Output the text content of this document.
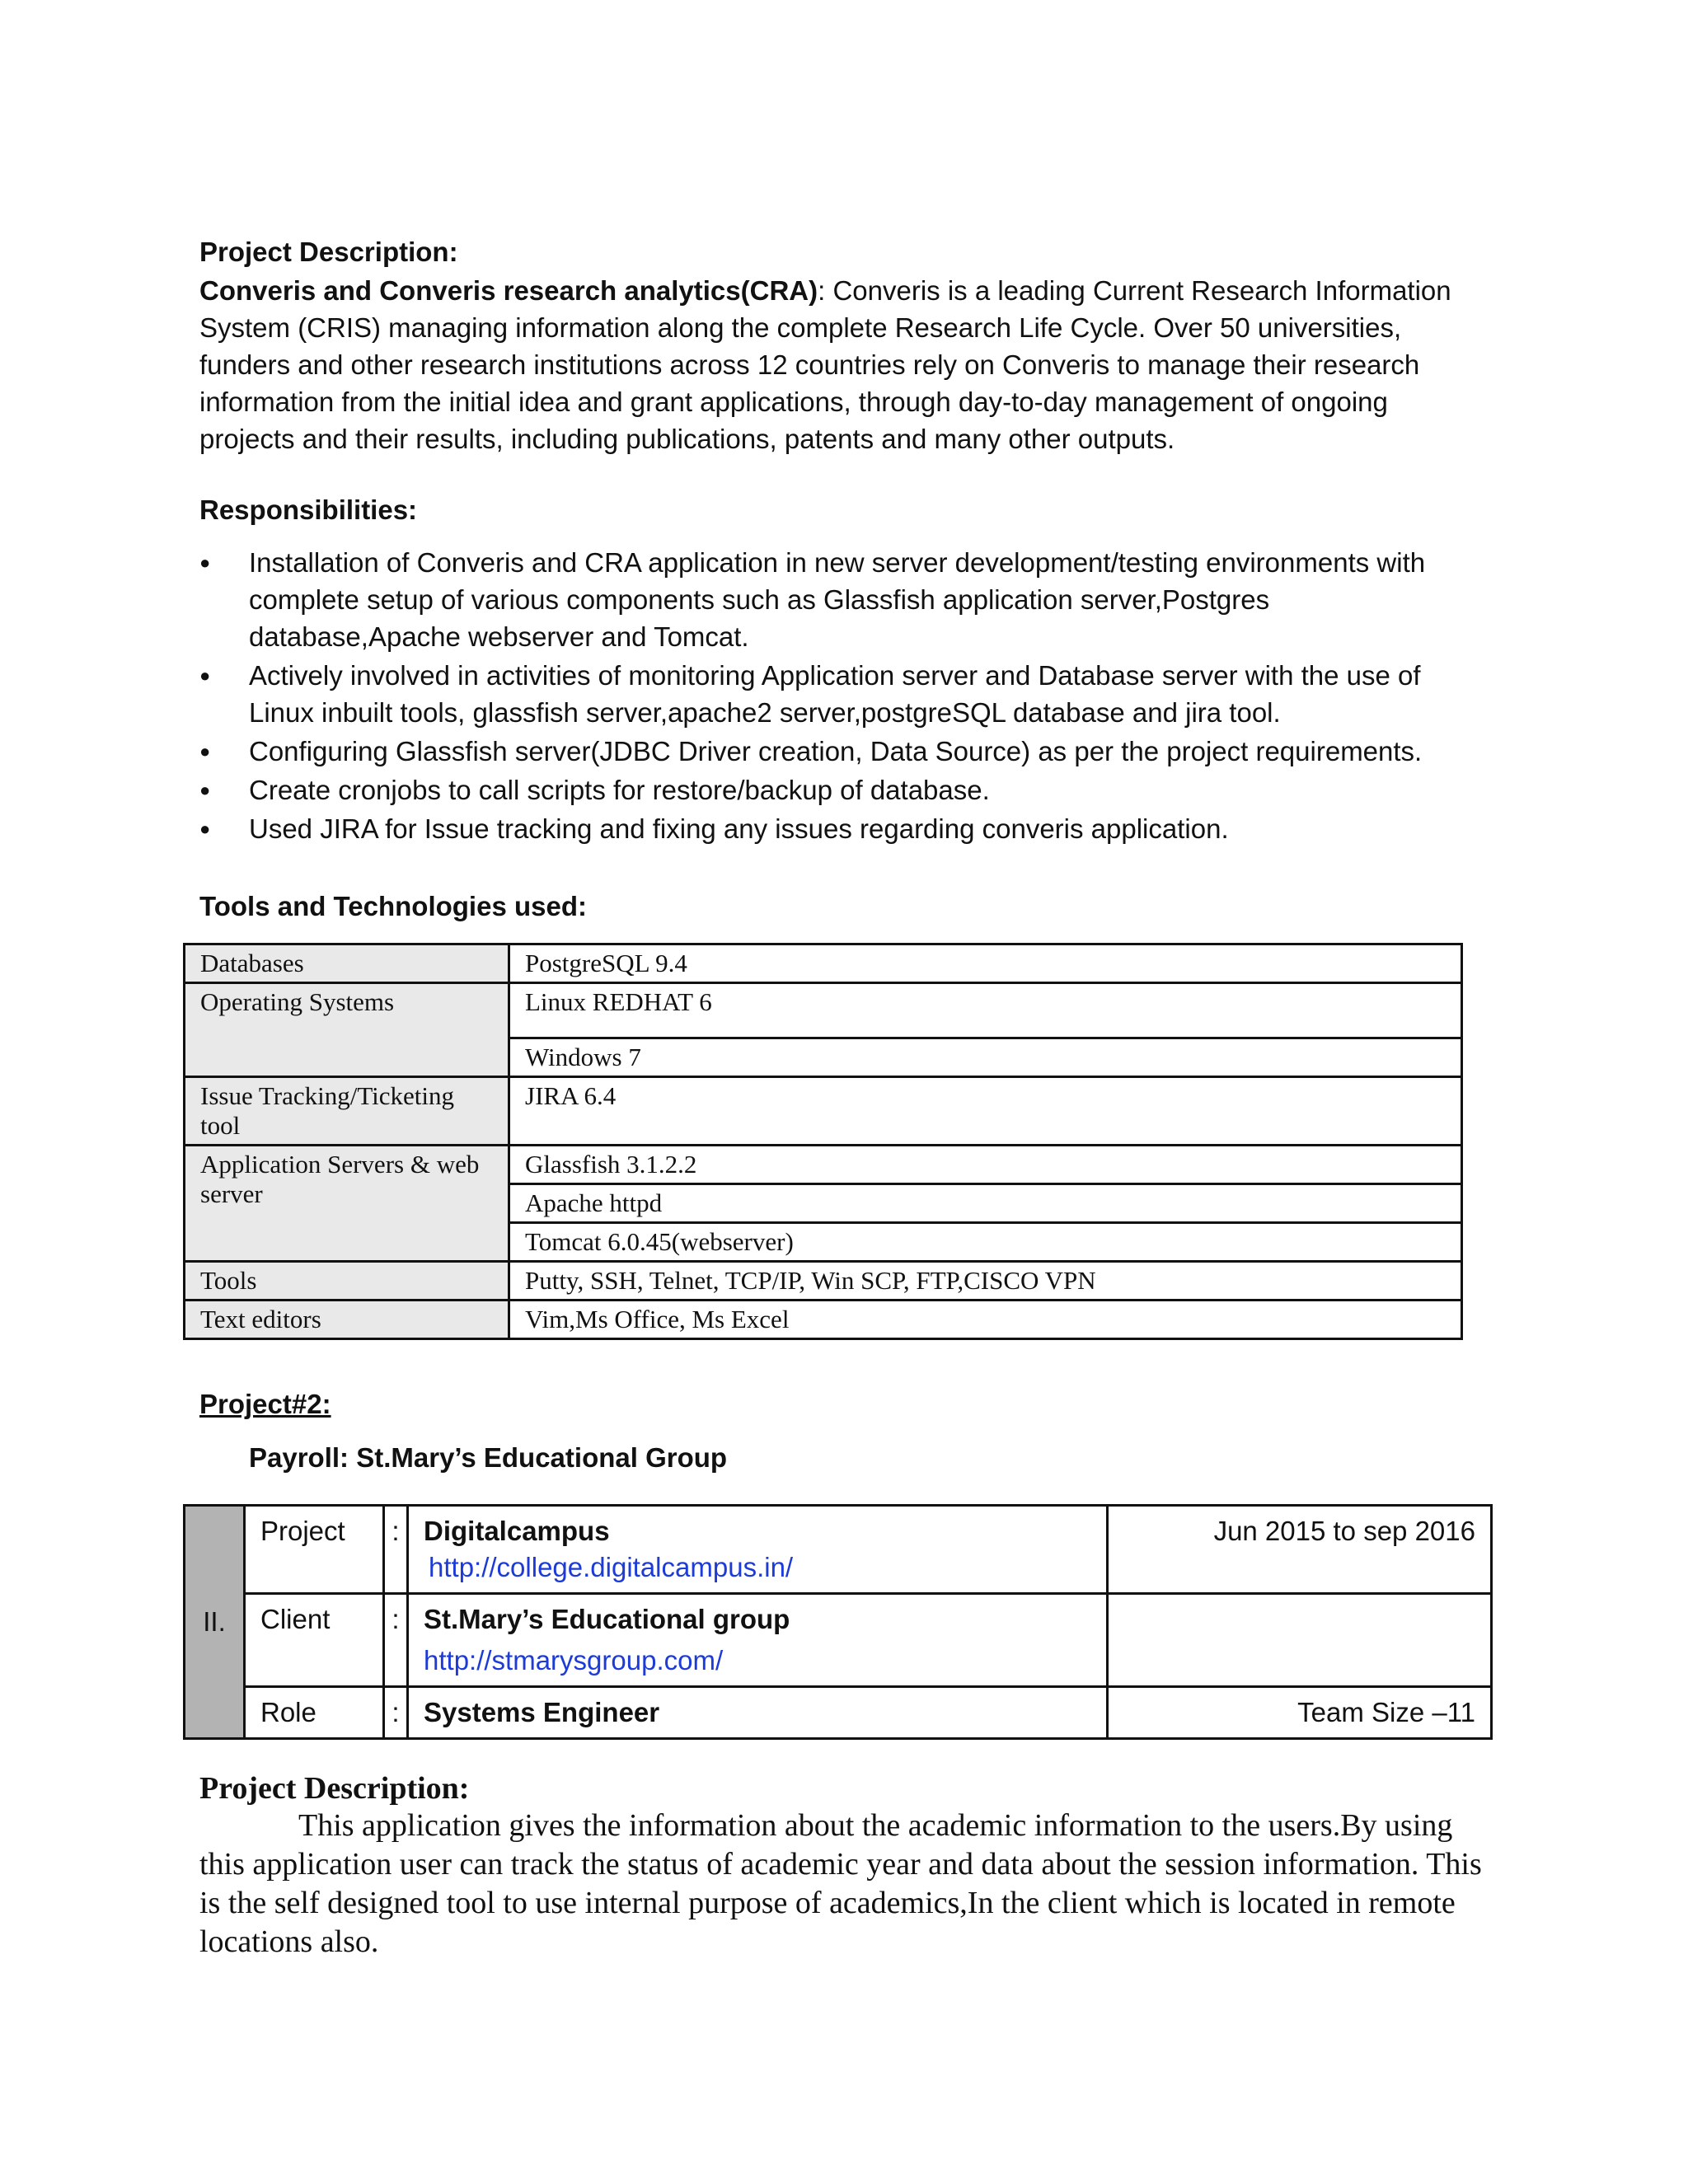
Project Description:
Converis and Converis research analytics(CRA): Converis is a leading Current Research Information System (CRIS) managing information along the complete Research Life Cycle. Over 50 universities, funders and other research institutions across 12 countries rely on Converis to manage their research information from the initial idea and grant applications, through day-to-day management of ongoing projects and their results, including publications, patents and many other outputs.
Responsibilities:
● Installation of Converis and CRA application in new server development/testing environments with complete setup of various components such as Glassfish application server,Postgres database,Apache webserver and Tomcat.
● Actively involved in activities of monitoring Application server and Database server with the use of Linux inbuilt tools, glassfish server,apache2 server,postgreSQL database and jira tool.
● Configuring Glassfish server(JDBC Driver creation, Data Source) as per the project requirements.
● Create cronjobs to call scripts for restore/backup of database.
● Used JIRA for Issue tracking and fixing any issues regarding converis application.
Tools and Technologies used:
Databases	PostgreSQL 9.4
Operating Systems	Linux REDHAT 6
	Windows 7
Issue Tracking/Ticketing tool	JIRA 6.4
Application Servers & web server	Glassfish 3.1.2.2
	Apache httpd
	Tomcat 6.0.45(webserver)
Tools	Putty, SSH, Telnet, TCP/IP, Win SCP, FTP,CISCO VPN
Text editors	Vim,Ms Office, Ms Excel
Project#2:
Payroll: St.Mary’s Educational Group
II.	Project	:	Digitalcampus
http://college.digitalcampus.in/	Jun 2015 to sep 2016
	Client	:	St.Mary’s Educational group
http://stmarysgroup.com/	

	Role	:	Systems Engineer	Team Size –11
Project Description:
This application gives the information about the academic information to the users.By using this application user can track the status of academic year and data about the session information. This is the self designed tool to use internal purpose of academics,In the client which is located in remote locations also.
